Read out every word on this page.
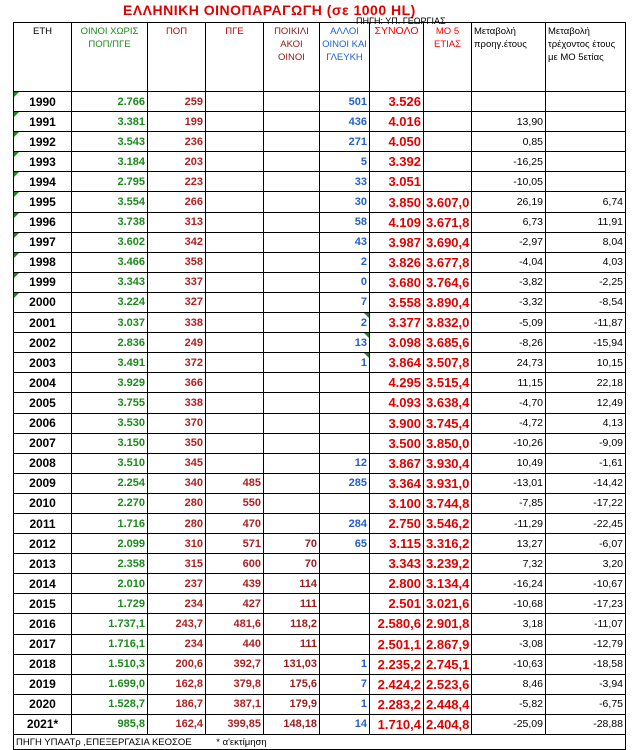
ΕΛΛΗΝΙΚΗ ΟΙΝΟΠΑΡΑΓΩΓΗ (σε 1000 HL)
ΠΗΓΗ: ΥΠ. ΓΕΩΡΓΙΑΣ
ΕΤΗ	ΟΙΝΟΙ ΧΩΡΙΣ ΠΟΠ/ΠΓΕ	ΠΟΠ	ΠΓΕ	ΠΟΙΚΙΛΙ ΑΚΟΙ ΟΙΝΟΙ	ΑΛΛΟΙ ΟΙΝΟΙ ΚΑΙ ΓΛΕΥΚΗ	ΣΥΝΟΛΟ	ΜΟ 5 ΕΤΙΑΣ	Μεταβολή προηγ.έτους	Μεταβολή τρέχοντος έτους με ΜΟ 5ετίας
1990	2.766	259			501	3.526			
1991	3.381	199			436	4.016		13,90	
1992	3.543	236			271	4.050		0,85	
1993	3.184	203			5	3.392		-16,25	
1994	2.795	223			33	3.051		-10,05	
1995	3.554	266			30	3.850	3.607,0	26,19	6,74
1996	3.738	313			58	4.109	3.671,8	6,73	11,91
1997	3.602	342			43	3.987	3.690,4	-2,97	8,04
1998	3.466	358			2	3.826	3.677,8	-4,04	4,03
1999	3.343	337			0	3.680	3.764,6	-3,82	-2,25
2000	3.224	327			7	3.558	3.890,4	-3,32	-8,54
2001	3.037	338			2	3.377	3.832,0	-5,09	-11,87
2002	2.836	249			13	3.098	3.685,6	-8,26	-15,94
2003	3.491	372			1	3.864	3.507,8	24,73	10,15
2004	3.929	366				4.295	3.515,4	11,15	22,18
2005	3.755	338				4.093	3.638,4	-4,70	12,49
2006	3.530	370				3.900	3.745,4	-4,72	4,13
2007	3.150	350				3.500	3.850,0	-10,26	-9,09
2008	3.510	345			12	3.867	3.930,4	10,49	-1,61
2009	2.254	340	485		285	3.364	3.931,0	-13,01	-14,42
2010	2.270	280	550			3.100	3.744,8	-7,85	-17,22
2011	1.716	280	470		284	2.750	3.546,2	-11,29	-22,45
2012	2.099	310	571	70	65	3.115	3.316,2	13,27	-6,07
2013	2.358	315	600	70		3.343	3.239,2	7,32	3,20
2014	2.010	237	439	114		2.800	3.134,4	-16,24	-10,67
2015	1.729	234	427	111		2.501	3.021,6	-10,68	-17,23
2016	1.737,1	243,7	481,6	118,2		2.580,6	2.901,8	3,18	-11,07
2017	1.716,1	234	440	111		2.501,1	2.867,9	-3,08	-12,79
2018	1.510,3	200,6	392,7	131,03	1	2.235,2	2.745,1	-10,63	-18,58
2019	1.699,0	162,8	379,8	175,6	7	2.424,2	2.523,6	8,46	-3,94
2020	1.528,7	186,7	387,1	179,9	1	2.283,2	2.448,4	-5,82	-6,75
2021*	985,8	162,4	399,85	148,18	14	1.710,4	2.404,8	-25,09	-28,88
ΠΗΓΗ ΥΠΑΑΤρ ,ΕΠΕΞΕΡΓΑΣΙΑ ΚΕΟΣΟΕ * α'εκτίμηση									
